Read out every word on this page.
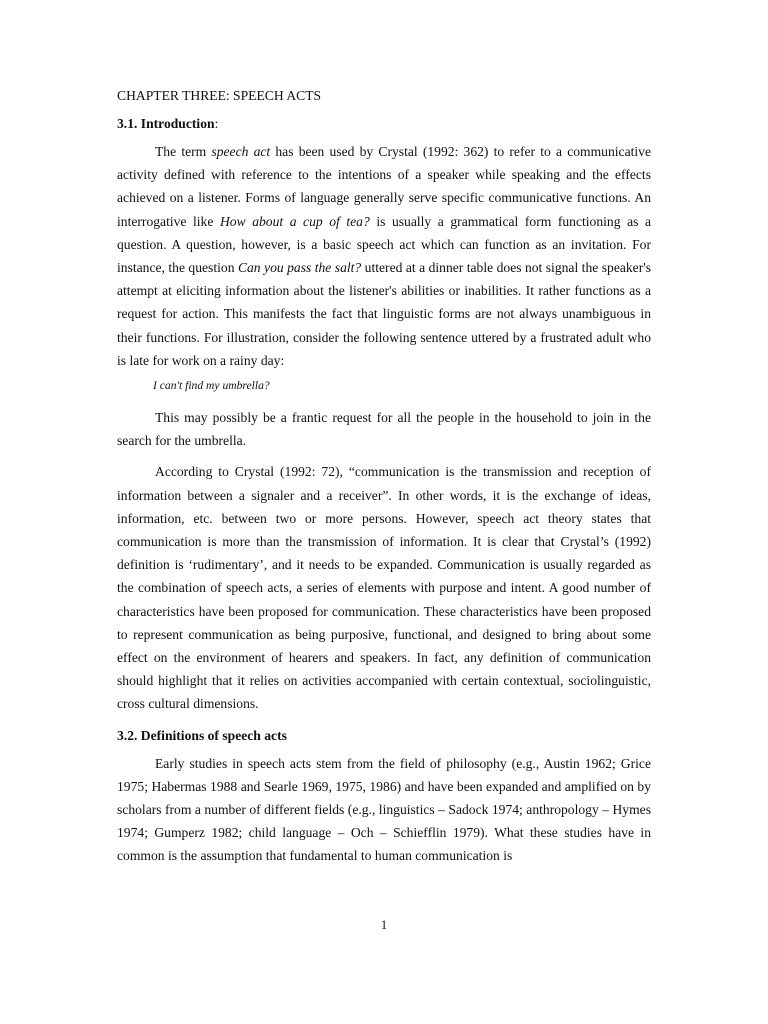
CHAPTER THREE: SPEECH ACTS
3.1. Introduction:

The term speech act has been used by Crystal (1992: 362) to refer to a communicative activity defined with reference to the intentions of a speaker while speaking and the effects achieved on a listener. Forms of language generally serve specific communicative functions. An interrogative like How about a cup of tea? is usually a grammatical form functioning as a question. A question, however, is a basic speech act which can function as an invitation. For instance, the question Can you pass the salt? uttered at a dinner table does not signal the speaker's attempt at eliciting information about the listener's abilities or inabilities. It rather functions as a request for action. This manifests the fact that linguistic forms are not always unambiguous in their functions. For illustration, consider the following sentence uttered by a frustrated adult who is late for work on a rainy day:

I can't find my umbrella?

This may possibly be a frantic request for all the people in the household to join in the search for the umbrella.

According to Crystal (1992: 72), “communication is the transmission and reception of information between a signaler and a receiver”. In other words, it is the exchange of ideas, information, etc. between two or more persons. However, speech act theory states that communication is more than the transmission of information. It is clear that Crystal’s (1992) definition is ‘rudimentary’, and it needs to be expanded. Communication is usually regarded as the combination of speech acts, a series of elements with purpose and intent. A good number of characteristics have been proposed for communication. These characteristics have been proposed to represent communication as being purposive, functional, and designed to bring about some effect on the environment of hearers and speakers. In fact, any definition of communication should highlight that it relies on activities accompanied with certain contextual, sociolinguistic, cross cultural dimensions.

3.2. Definitions of speech acts

Early studies in speech acts stem from the field of philosophy (e.g., Austin 1962; Grice 1975; Habermas 1988 and Searle 1969, 1975, 1986) and have been expanded and amplified on by scholars from a number of different fields (e.g., linguistics – Sadock 1974; anthropology – Hymes 1974; Gumperz 1982; child language – Och – Schiefflin 1979). What these studies have in common is the assumption that fundamental to human communication is

1
